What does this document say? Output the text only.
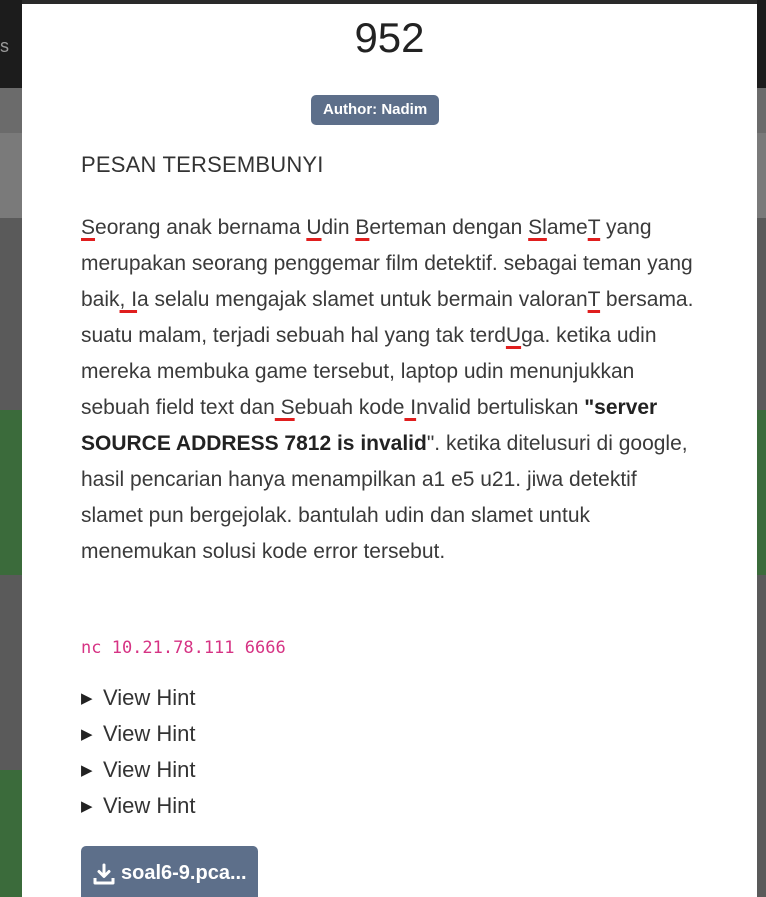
s	952
Author: Nadim
PESAN TERSEMBUNYI
Seorang anak bernama Udin Berteman dengan SlameT yang merupakan seorang penggemar film detektif. sebagai teman yang baik, Ia selalu mengajak slamet untuk bermain valoranT bersama. suatu malam, terjadi sebuah hal yang tak terdUga. ketika udin mereka membuka game tersebut, laptop udin menunjukkan sebuah field text dan Sebuah kode Invalid bertuliskan "server SOURCE ADDRESS 7812 is invalid". ketika ditelusuri di google, hasil pencarian hanya menampilkan a1 e5 u21. jiwa detektif slamet pun bergejolak. bantulah udin dan slamet untuk menemukan solusi kode error tersebut.
nc 10.21.78.111 6666
▶ View Hint
▶ View Hint
▶ View Hint
▶ View Hint
soal6-9.pca...
